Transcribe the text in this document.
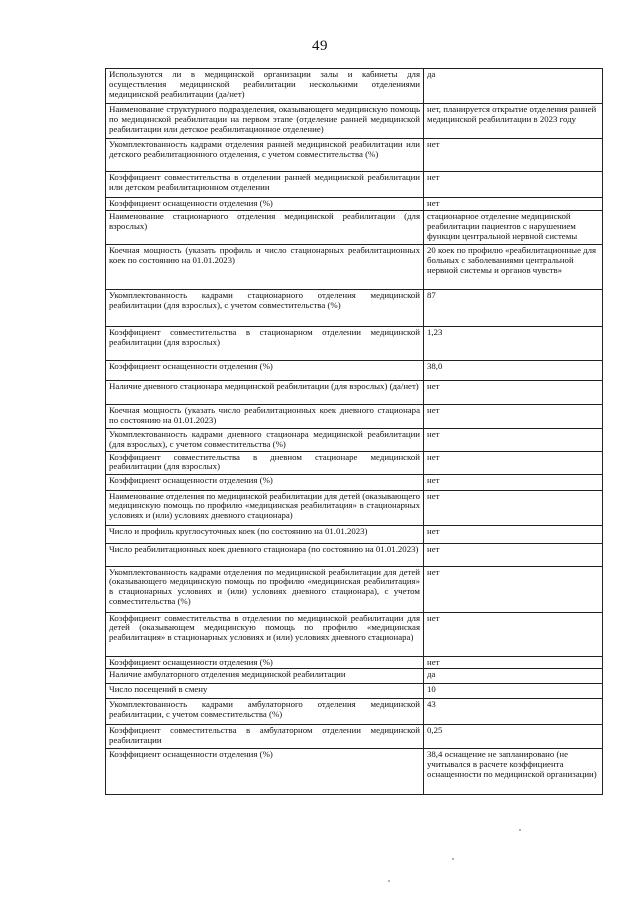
49
Используются ли в медицинской организации залы и кабинеты для осуществления медицинской реабилитации несколькими отделениями медицинской реабилитации (да/нет)	да
Наименование структурного подразделения, оказывающего медицинскую помощь по медицинской реабилитации на первом этапе (отделение ранней медицинской реабилитации или детское реабилитационное отделение)	нет, планируется открытие отделения ранней медицинской реабилитации в 2023 году
Укомплектованность кадрами отделения ранней медицинской реабилитации или детского реабилитационного отделения, с учетом совместительства (%)	нет
Коэффициент совместительства в отделении ранней медицинской реабилитации или детском реабилитационном отделении	нет
Коэффициент оснащенности отделения (%)	нет
Наименование стационарного отделения медицинской реабилитации (для взрослых)	стационарное отделение медицинской реабилитации пациентов с нарушением функции центральной нервной системы
Коечная мощность (указать профиль и число стационарных реабилитационных коек по состоянию на 01.01.2023)	20 коек по профилю «реабилитационные для больных с заболеваниями центральной нервной системы и органов чувств»
Укомплектованность кадрами стационарного отделения медицинской реабилитации (для взрослых), с учетом совместительства (%)	87
Коэффициент совместительства в стационарном отделении медицинской реабилитации (для взрослых)	1,23
Коэффициент оснащенности отделения (%)	38,0
Наличие дневного стационара медицинской реабилитации (для взрослых) (да/нет)	нет
Коечная мощность (указать число реабилитационных коек дневного стационара по состоянию на 01.01.2023)	нет
Укомплектованность кадрами дневного стационара медицинской реабилитации (для взрослых), с учетом совместительства (%)	нет
Коэффициент совместительства в дневном стационаре медицинской реабилитации (для взрослых)	нет
Коэффициент оснащенности отделения (%)	нет
Наименование отделения по медицинской реабилитации для детей (оказывающего медицинскую помощь по профилю «медицинская реабилитация» в стационарных условиях и (или) условиях дневного стационара)	нет
Число и профиль круглосуточных коек (по состоянию на 01.01.2023)	нет
Число реабилитационных коек дневного стационара (по состоянию на 01.01.2023)	нет
Укомплектованность кадрами отделения по медицинской реабилитации для детей (оказывающего медицинскую помощь по профилю «медицинская реабилитация» в стационарных условиях и (или) условиях дневного стационара), с учетом совместительства (%)	нет
Коэффициент совместительства в отделении по медицинской реабилитации для детей (оказывающем медицинскую помощь по профилю «медицинская реабилитация» в стационарных условиях и (или) условиях дневного стационара)	нет
Коэффициент оснащенности отделения (%)	нет
Наличие амбулаторного отделения медицинской реабилитации	да
Число посещений в смену	10
Укомплектованность кадрами амбулаторного отделения медицинской реабилитации, с учетом совместительства (%)	43
Коэффициент совместительства в амбулаторном отделении медицинской реабилитации	0,25
Коэффициент оснащенности отделения (%)	38,4 оснащение не запланировано (не учитывался в расчете коэффициента оснащенности по медицинской организации)
